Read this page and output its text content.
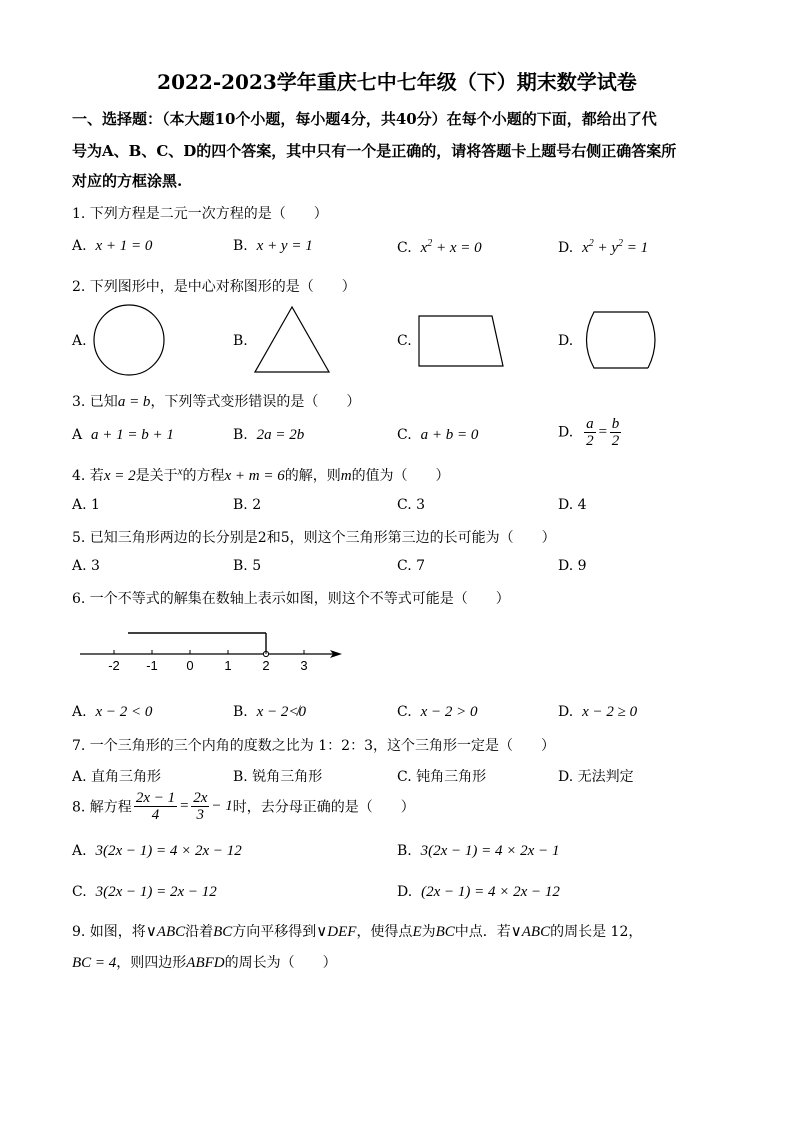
2022-2023学年重庆七中七年级（下）期末数学试卷
一、选择题：（本大题10个小题，每小题4分，共40分）在每个小题的下面，都给出了代
号为A、B、C、D的四个答案，其中只有一个是正确的，请将答题卡上题号右侧正确答案所
对应的方框涂黑.
1. 下列方程是二元一次方程的是（　　）
A. x + 1 = 0	B. x + y = 1	C. $x^2 + x = 0$	D. $x^2 + y^2 = 1$
2. 下列图形中，是中心对称图形的是（　　）
A.	B.	C.	D.
3. 已知a = b，下列等式变形错误的是（　　）
A a + 1 = b + 1	B. 2a = 2b	C. a + b = 0	D. $\frac{a}{2} = \frac{b}{2}$
4. 若x = 2是关于$^x$的方程x + m = 6的解，则m的值为（　　）
A. 1	B. 2	C. 3	D. 4
5. 已知三角形两边的长分别是2和5，则这个三角形第三边的长可能为（　　）
A. 3	B. 5	C. 7	D. 9
6. 一个不等式的解集在数轴上表示如图，则这个不等式可能是（　　）
-2 -1 0 1 2 3
A. x − 2 < 0	B. x − 2≮0	C. x − 2 > 0	D. x − 2 ≥ 0
7. 一个三角形的三个内角的度数之比为 1：2：3，这个三角形一定是（　　）
A. 直角三角形	B. 锐角三角形	C. 钝角三角形	D. 无法判定
8. 解方程 $\frac{2x - 1}{4} = \frac{2x}{3} - 1$时，去分母正确的是（　　）
A. 3(2x − 1) = 4 × 2x − 12	B. 3(2x − 1) = 4 × 2x − 1
C. 3(2x − 1) = 2x − 12	D. (2x − 1) = 4 × 2x − 12
9. 如图，将∨ABC沿着BC方向平移得到∨DEF，使得点E为BC中点．若∨ABC的周长是 12，
BC = 4，则四边形ABFD的周长为（　　）
